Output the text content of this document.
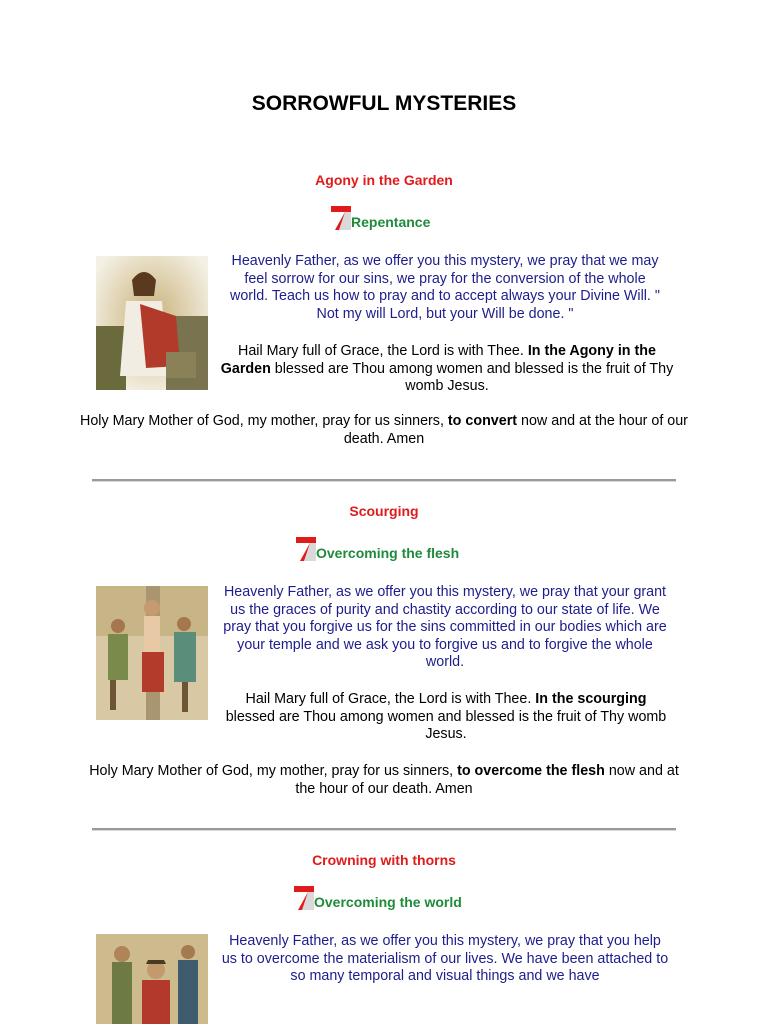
SORROWFUL MYSTERIES
Agony in the Garden
Repentance

Heavenly Father, as we offer you this mystery, we pray that we may feel sorrow for our sins, we pray for the conversion of the whole world. Teach us how to pray and to accept always your Divine Will. " Not my will Lord, but your Will be done. "

Hail Mary full of Grace, the Lord is with Thee. In the Agony in the Garden blessed are Thou among women and blessed is the fruit of Thy womb Jesus.

Holy Mary Mother of God, my mother, pray for us sinners, to convert now and at the hour of our death. Amen

Scourging
Overcoming the flesh

Heavenly Father, as we offer you this mystery, we pray that your grant us the graces of purity and chastity according to our state of life. We pray that you forgive us for the sins committed in our bodies which are your temple and we ask you to forgive us and to forgive the whole world.

Hail Mary full of Grace, the Lord is with Thee. In the scourging blessed are Thou among women and blessed is the fruit of Thy womb Jesus.

Holy Mary Mother of God, my mother, pray for us sinners, to overcome the flesh now and at the hour of our death. Amen

Crowning with thorns
Overcoming the world

Heavenly Father, as we offer you this mystery, we pray that you help us to overcome the materialism of our lives. We have been attached to so many temporal and visual things and we have
